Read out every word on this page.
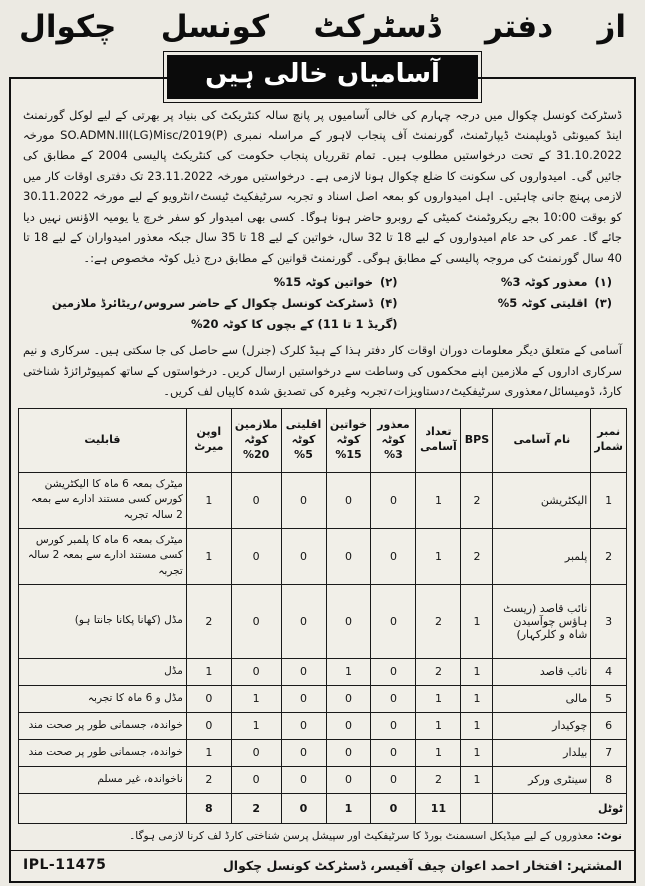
از دفتر ڈسٹرکٹ کونسل چکوال
آسامیاں خالی ہیں

ڈسٹرکٹ کونسل چکوال میں درجہ چہارم کی خالی آسامیوں پر پانچ سالہ کنٹریکٹ کی بنیاد پر بھرتی کے لیے لوکل گورنمنٹ اینڈ کمیونٹی ڈویلپمنٹ ڈیپارٹمنٹ، گورنمنٹ آف پنجاب لاہور کے مراسلہ نمبری SO.ADMN.III(LG)Misc/2019(P) مورخہ 31.10.2022 کے تحت درخواستیں مطلوب ہیں۔ تمام تقرریاں پنجاب حکومت کی کنٹریکٹ پالیسی 2004 کے مطابق کی جائیں گی۔ امیدواروں کی سکونت کا ضلع چکوال ہونا لازمی ہے۔ درخواستیں مورخہ 23.11.2022 تک دفتری اوقات کار میں لازمی پہنچ جانی چاہئیں۔ اہل امیدواروں کو بمعہ اصل اسناد و تجربہ سرٹیفکیٹ ٹیسٹ؍انٹرویو کے لیے مورخہ 30.11.2022 کو بوقت 10:00 بجے ریکروٹمنٹ کمیٹی کے روبرو حاضر ہونا ہوگا۔ کسی بھی امیدوار کو سفر خرچ یا یومیہ الاؤنس نہیں دیا جائے گا۔ عمر کی حد عام امیدواروں کے لیے 18 تا 32 سال، خواتین کے لیے 18 تا 35 سال جبکہ معذور امیدواران کے لیے 18 تا 40 سال گورنمنٹ کی مروجہ پالیسی کے مطابق ہوگی۔ گورنمنٹ قوانین کے مطابق درج ذیل کوٹہ مخصوص ہے:۔

(۱)معذور کوٹہ 3%
(۲)خواتین کوٹہ 15%
(۳)اقلیتی کوٹہ 5%
(۴)ڈسٹرکٹ کونسل چکوال کے حاضر سروس؍ریٹائرڈ ملازمین (گریڈ 1 تا 11) کے بچوں کا کوٹہ 20%

آسامی کے متعلق دیگر معلومات دوران اوقات کار دفتر ہذا کے ہیڈ کلرک (جنرل) سے حاصل کی جا سکتی ہیں۔ سرکاری و نیم سرکاری اداروں کے ملازمین اپنے محکموں کی وساطت سے درخواستیں ارسال کریں۔ درخواستوں کے ساتھ کمپیوٹرائزڈ شناختی کارڈ، ڈومیسائل؍معذوری سرٹیفکیٹ؍دستاویزات؍تجربہ وغیرہ کی تصدیق شدہ کاپیاں لف کریں۔

نمبر شمار	نام آسامی	BPS	تعداد آسامی	معذور کوٹہ 3%	خواتین کوٹہ 15%	اقلیتی کوٹہ 5%	ملازمین کوٹہ 20%	اوپن میرٹ	قابلیت
1	الیکٹریشن	2	1	0	0	0	0	1	میٹرک بمعہ 6 ماہ کا الیکٹریشن کورس کسی مستند ادارے سے بمعہ 2 سالہ تجربہ
2	پلمبر	2	1	0	0	0	0	1	میٹرک بمعہ 6 ماہ کا پلمبر کورس کسی مستند ادارے سے بمعہ 2 سالہ تجربہ
3	نائب قاصد (ریسٹ ہاؤس چوآسیدن شاہ و کلرکہار)	1	2	0	0	0	0	2	مڈل (کھانا پکانا جانتا ہو)
4	نائب قاصد	1	2	0	1	0	0	1	مڈل
5	مالی	1	1	0	0	0	1	0	مڈل و 6 ماہ کا تجربہ
6	چوکیدار	1	1	0	0	0	1	0	خواندہ، جسمانی طور پر صحت مند
7	بیلدار	1	1	0	0	0	0	1	خواندہ، جسمانی طور پر صحت مند
8	سینٹری ورکر	1	2	0	0	0	0	2	ناخواندہ، غیر مسلم
ٹوٹل			11	0	1	0	2	8	
نوٹ: معذوروں کے لیے میڈیکل اسسمنٹ بورڈ کا سرٹیفکیٹ اور سپیشل پرسن شناختی کارڈ لف کرنا لازمی ہوگا۔
المشتہر: افتخار احمد اعوان چیف آفیسر، ڈسٹرکٹ کونسل چکوال
IPL-11475
